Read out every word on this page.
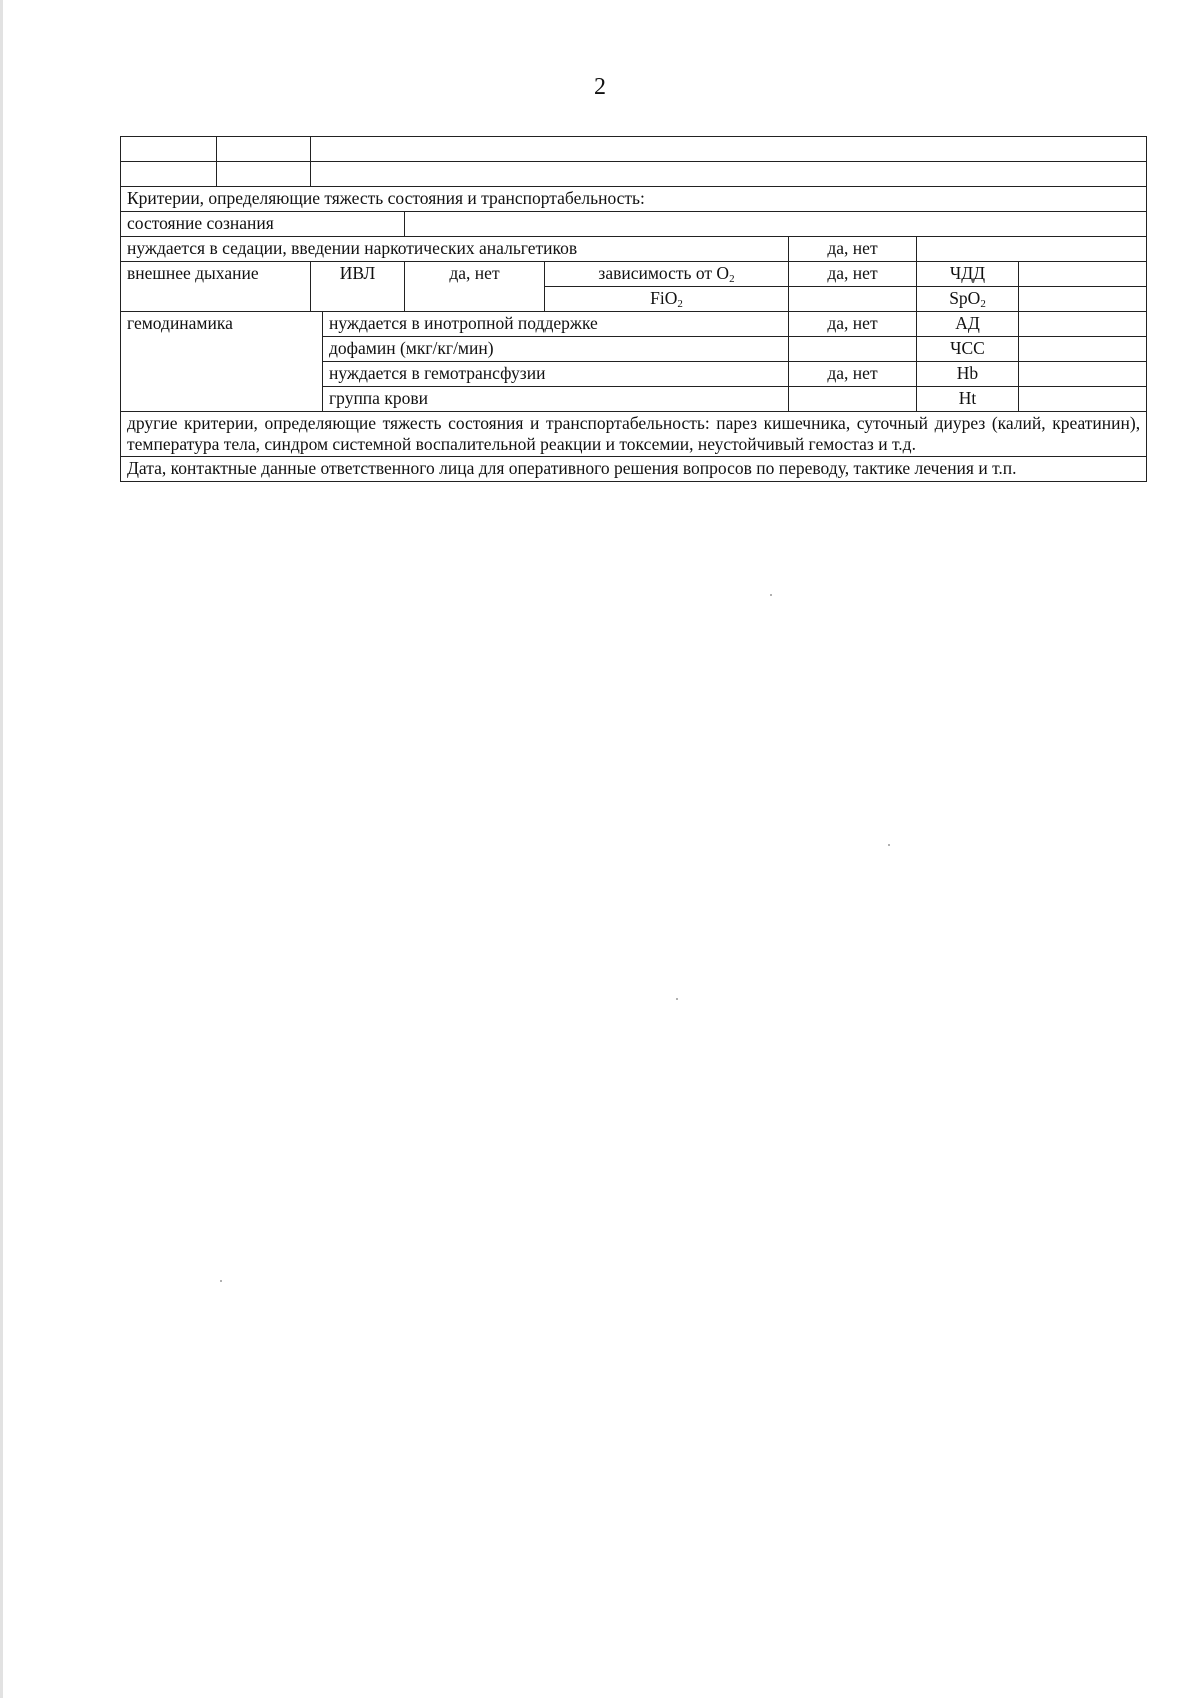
2

Критерии, определяющие тяжесть состояния и транспортабельность:								
состояние сознания								
нуждается в седации, введении наркотических анальгетиков						да, нет		
внешнее дыхание		ИВЛ		да, нет	зависимость от $O_2$	да, нет	ЧДД	
					FiO$_2$		SpO$_2$	
гемодинамика			нуждается в инотропной поддержке			да, нет	АД	
			дофамин (мкг/кг/мин)				ЧСС	
			нуждается в гемотрансфузии			да, нет	Hb	
			группа крови				Ht	
другие критерии, определяющие тяжесть состояния и транспортабельность: парез кишечника, суточный диурез (калий, креатинин), температура тела, синдром системной воспалительной реакции и токсемии, неустойчивый гемостаз и т.д.								
Дата, контактные данные ответственного лица для оперативного решения вопросов по переводу, тактике лечения и т.п.								
